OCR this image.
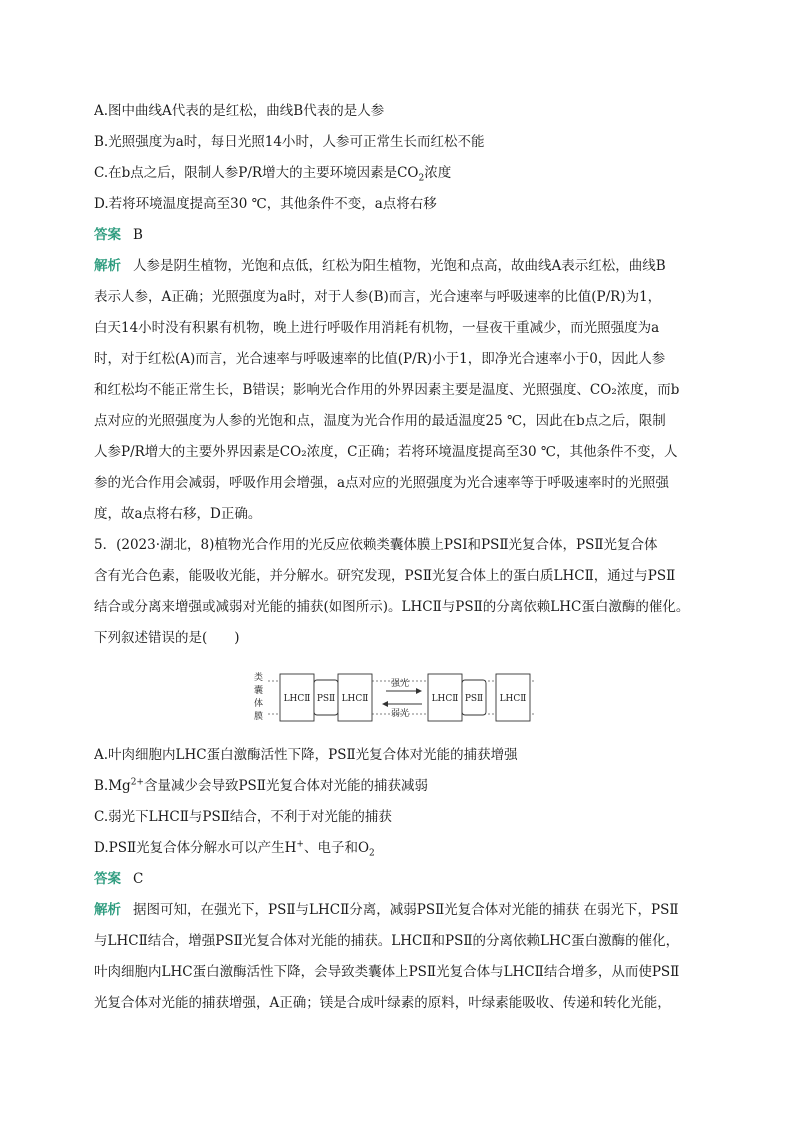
A.图中曲线A代表的是红松，曲线B代表的是人参
B.光照强度为a时，每日光照14小时，人参可正常生长而红松不能
C.在b点之后，限制人参P/R增大的主要环境因素是$CO_2$浓度
D.若将环境温度提高至30 ℃，其他条件不变，a点将右移
答案 B
解析 人参是阴生植物，光饱和点低，红松为阳生植物，光饱和点高，故曲线A表示红松，曲线B
表示人参，A正确；光照强度为a时，对于人参(B)而言，光合速率与呼吸速率的比值(P/R)为1，
白天14小时没有积累有机物，晚上进行呼吸作用消耗有机物，一昼夜干重减少，而光照强度为a
时，对于红松(A)而言，光合速率与呼吸速率的比值(P/R)小于1，即净光合速率小于0，因此人参
和红松均不能正常生长，B错误；影响光合作用的外界因素主要是温度、光照强度、CO₂浓度，而b
点对应的光照强度为人参的光饱和点，温度为光合作用的最适温度25 ℃，因此在b点之后，限制
人参P/R增大的主要外界因素是CO₂浓度，C正确；若将环境温度提高至30 ℃，其他条件不变，人
参的光合作用会减弱，呼吸作用会增强，a点对应的光照强度为光合速率等于呼吸速率时的光照强
度，故a点将右移，D正确。
5．(2023·湖北，8)植物光合作用的光反应依赖类囊体膜上PSⅠ和PSⅡ光复合体，PSⅡ光复合体
含有光合色素，能吸收光能，并分解水。研究发现，PSⅡ光复合体上的蛋白质LHCⅡ，通过与PSⅡ
结合或分离来增强或减弱对光能的捕获(如图所示)。LHCⅡ与PSⅡ的分离依赖LHC蛋白激酶的催化。
下列叙述错误的是(　　)
类
囊
体
膜
LHCⅡ PSⅡ LHCⅡ
强光
弱光
LHCⅡ PSⅡ LHCⅡ
A.叶肉细胞内LHC蛋白激酶活性下降，PSⅡ光复合体对光能的捕获增强
$B.Mg^{2+}$含量减少会导致PSⅡ光复合体对光能的捕获减弱
C.弱光下LHCⅡ与PSⅡ结合，不利于对光能的捕获
D.PSⅡ光复合体分解水可以产生H+、电子和$O_2$
答案 C
解析 据图可知，在强光下，PSⅡ与LHCⅡ分离，减弱PSⅡ光复合体对光能的捕获 在弱光下，PSⅡ
与LHCⅡ结合，增强PSⅡ光复合体对光能的捕获。LHCⅡ和PSⅡ的分离依赖LHC蛋白激酶的催化，
叶肉细胞内LHC蛋白激酶活性下降，会导致类囊体上PSⅡ光复合体与LHCⅡ结合增多，从而使PSⅡ
光复合体对光能的捕获增强，A正确；镁是合成叶绿素的原料，叶绿素能吸收、传递和转化光能，
